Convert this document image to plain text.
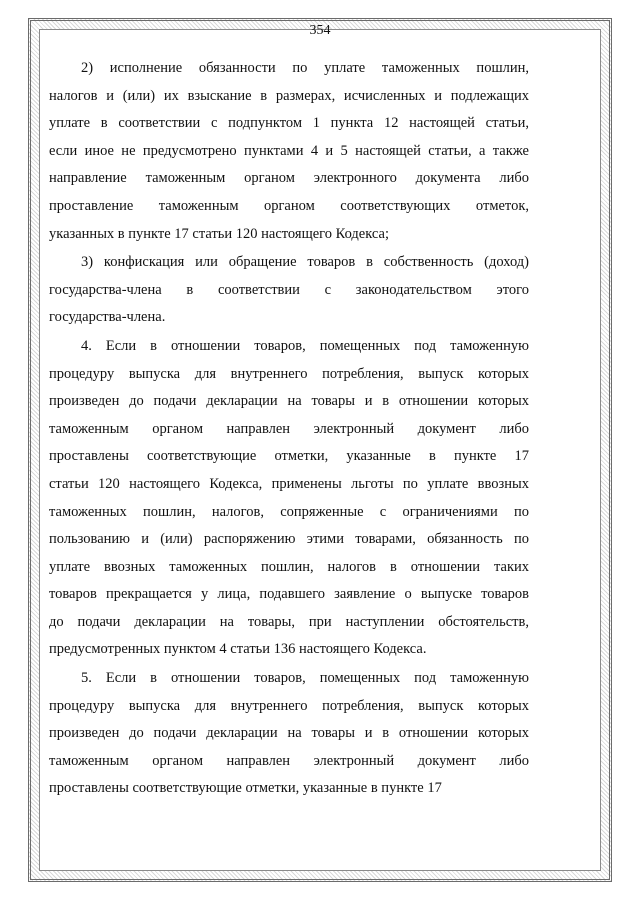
354

2) исполнение обязанности по уплате таможенных пошлин,
налогов и (или) их взыскание в размерах, исчисленных и подлежащих
уплате в соответствии с подпунктом 1 пункта 12 настоящей статьи,
если иное не предусмотрено пунктами 4 и 5 настоящей статьи, а также
направление таможенным органом электронного документа либо
проставление таможенным органом соответствующих отметок,
указанных в пункте 17 статьи 120 настоящего Кодекса;

3) конфискация или обращение товаров в собственность (доход)
государства-члена в соответствии с законодательством этого
государства-члена.

4. Если в отношении товаров, помещенных под таможенную
процедуру выпуска для внутреннего потребления, выпуск которых
произведен до подачи декларации на товары и в отношении которых
таможенным органом направлен электронный документ либо
проставлены соответствующие отметки, указанные в пункте 17
статьи 120 настоящего Кодекса, применены льготы по уплате ввозных
таможенных пошлин, налогов, сопряженные с ограничениями по
пользованию и (или) распоряжению этими товарами, обязанность по
уплате ввозных таможенных пошлин, налогов в отношении таких
товаров прекращается у лица, подавшего заявление о выпуске товаров
до подачи декларации на товары, при наступлении обстоятельств,
предусмотренных пунктом 4 статьи 136 настоящего Кодекса.

5. Если в отношении товаров, помещенных под таможенную
процедуру выпуска для внутреннего потребления, выпуск которых
произведен до подачи декларации на товары и в отношении которых
таможенным органом направлен электронный документ либо
проставлены соответствующие отметки, указанные в пункте 17
